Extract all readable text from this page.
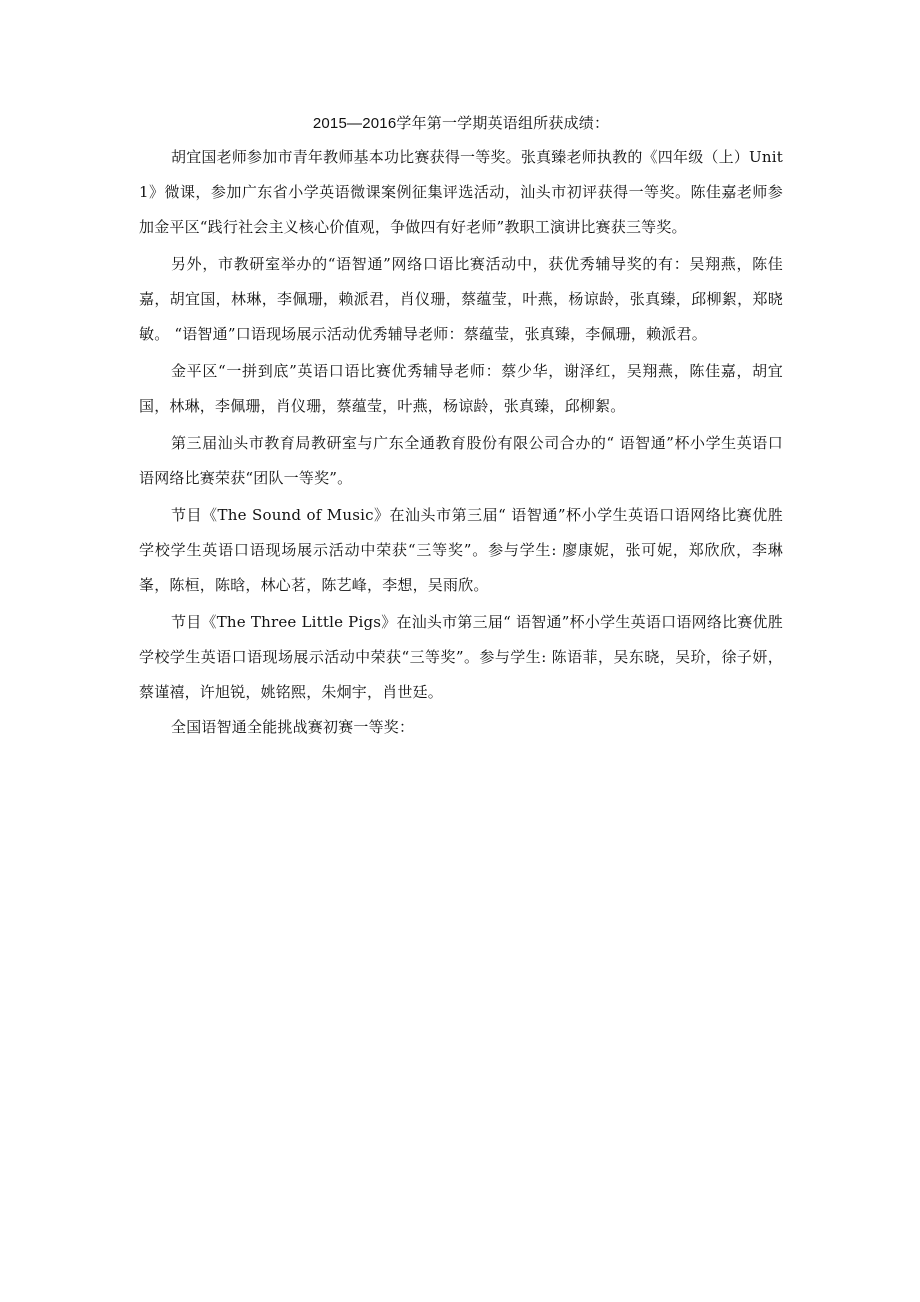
2015—2016学年第一学期英语组所获成绩：

胡宜国老师参加市青年教师基本功比赛获得一等奖。张真臻老师执教的《四年级（上）Unit 1》微课，参加广东省小学英语微课案例征集评选活动，汕头市初评获得一等奖。陈佳嘉老师参加金平区“践行社会主义核心价值观，争做四有好老师”教职工演讲比赛获三等奖。

另外，市教研室举办的“语智通”网络口语比赛活动中，获优秀辅导奖的有：吴翔燕，陈佳嘉，胡宜国，林琳，李佩珊，赖派君，肖仪珊，蔡蕴莹，叶燕，杨谅龄，张真臻，邱柳絮，郑晓敏。 “语智通”口语现场展示活动优秀辅导老师：蔡蕴莹，张真臻，李佩珊，赖派君。

金平区“一拼到底”英语口语比赛优秀辅导老师：蔡少华，谢泽红，吴翔燕，陈佳嘉，胡宜国，林琳，李佩珊，肖仪珊，蔡蕴莹，叶燕，杨谅龄，张真臻，邱柳絮。

第三届汕头市教育局教研室与广东全通教育股份有限公司合办的“ 语智通”杯小学生英语口语网络比赛荣获“团队一等奖”。

节目《The Sound of Music》在汕头市第三届“ 语智通”杯小学生英语口语网络比赛优胜学校学生英语口语现场展示活动中荣获“三等奖”。参与学生: 廖康妮，张可妮，郑欣欣，李琳峯，陈桓，陈晗，林心茗，陈艺峰，李想，吴雨欣。

节目《The Three Little Pigs》在汕头市第三届“ 语智通”杯小学生英语口语网络比赛优胜学校学生英语口语现场展示活动中荣获“三等奖”。参与学生: 陈语菲，吴东晓，吴玠，徐子妍，蔡谨禧，许旭锐，姚铭熙，朱炯宇，肖世廷。

全国语智通全能挑战赛初赛一等奖：
